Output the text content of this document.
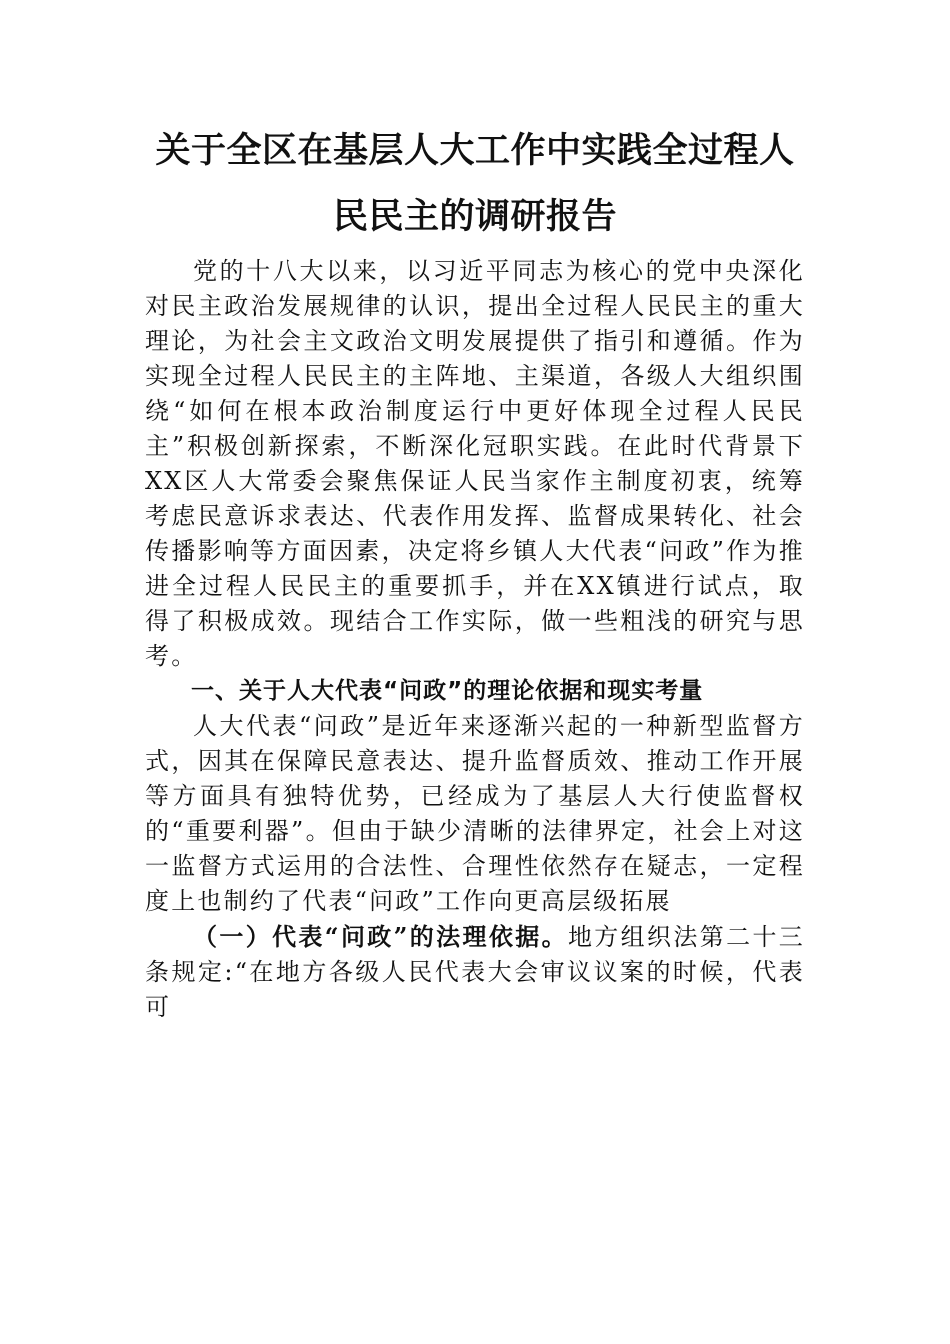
关于全区在基层人大工作中实践全过程人
民民主的调研报告

党的十八大以来，以习近平同志为核心的党中央深化对民主政治发展规律的认识，提出全过程人民民主的重大理论，为社会主文政治文明发展提供了指引和遵循。作为实现全过程人民民主的主阵地、主渠道，各级人大组织围绕“如何在根本政治制度运行中更好体现全过程人民民主”积极创新探索，不断深化冠职实践。在此时代背景下XX区人大常委会聚焦保证人民当家作主制度初衷，统筹考虑民意诉求表达、代表作用发挥、监督成果转化、社会传播影响等方面因素，决定将乡镇人大代表“问政”作为推进全过程人民民主的重要抓手，并在XX镇进行试点，取得了积极成效。现结合工作实际，做一些粗浅的研究与思考。

一、关于人大代表“问政”的理论依据和现实考量

人大代表“问政”是近年来逐渐兴起的一种新型监督方式，因其在保障民意表达、提升监督质效、推动工作开展等方面具有独特优势，已经成为了基层人大行使监督权的“重要利器”。但由于缺少清晰的法律界定，社会上对这一监督方式运用的合法性、合理性依然存在疑志，一定程度上也制约了代表“问政”工作向更高层级拓展

（一）代表“问政”的法理依据。地方组织法第二十三条规定:“在地方各级人民代表大会审议议案的时候，代表可
